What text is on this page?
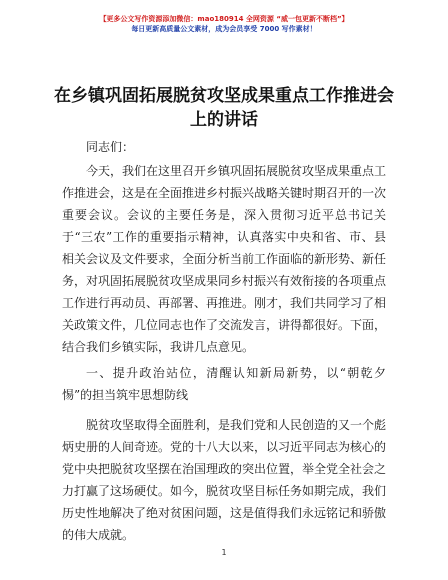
【更多公文写作资源添加微信：mao180914 全网资源 “威一包更新不断档”】
每日更新高质量公文素材，成为会员享受 7000 写作素材！
在乡镇巩固拓展脱贫攻坚成果重点工作推进会上的讲话

同志们：

今天，我们在这里召开乡镇巩固拓展脱贫攻坚成果重点工作推进会，这是在全面推进乡村振兴战略关键时期召开的一次重要会议。会议的主要任务是，深入贯彻习近平总书记关于“三农”工作的重要指示精神，认真落实中央和省、市、县相关会议及文件要求，全面分析当前工作面临的新形势、新任务，对巩固拓展脱贫攻坚成果同乡村振兴有效衔接的各项重点工作进行再动员、再部署、再推进。刚才，我们共同学习了相关政策文件，几位同志也作了交流发言，讲得都很好。下面，结合我们乡镇实际，我讲几点意见。

一、提升政治站位，清醒认知新局新势，以“朝乾夕惕”的担当筑牢思想防线

脱贫攻坚取得全面胜利，是我们党和人民创造的又一个彪炳史册的人间奇迹。党的十八大以来，以习近平同志为核心的党中央把脱贫攻坚摆在治国理政的突出位置，举全党全社会之力打赢了这场硬仗。如今，脱贫攻坚目标任务如期完成，我们历史性地解决了绝对贫困问题，这是值得我们永远铭记和骄傲的伟大成就。

1
